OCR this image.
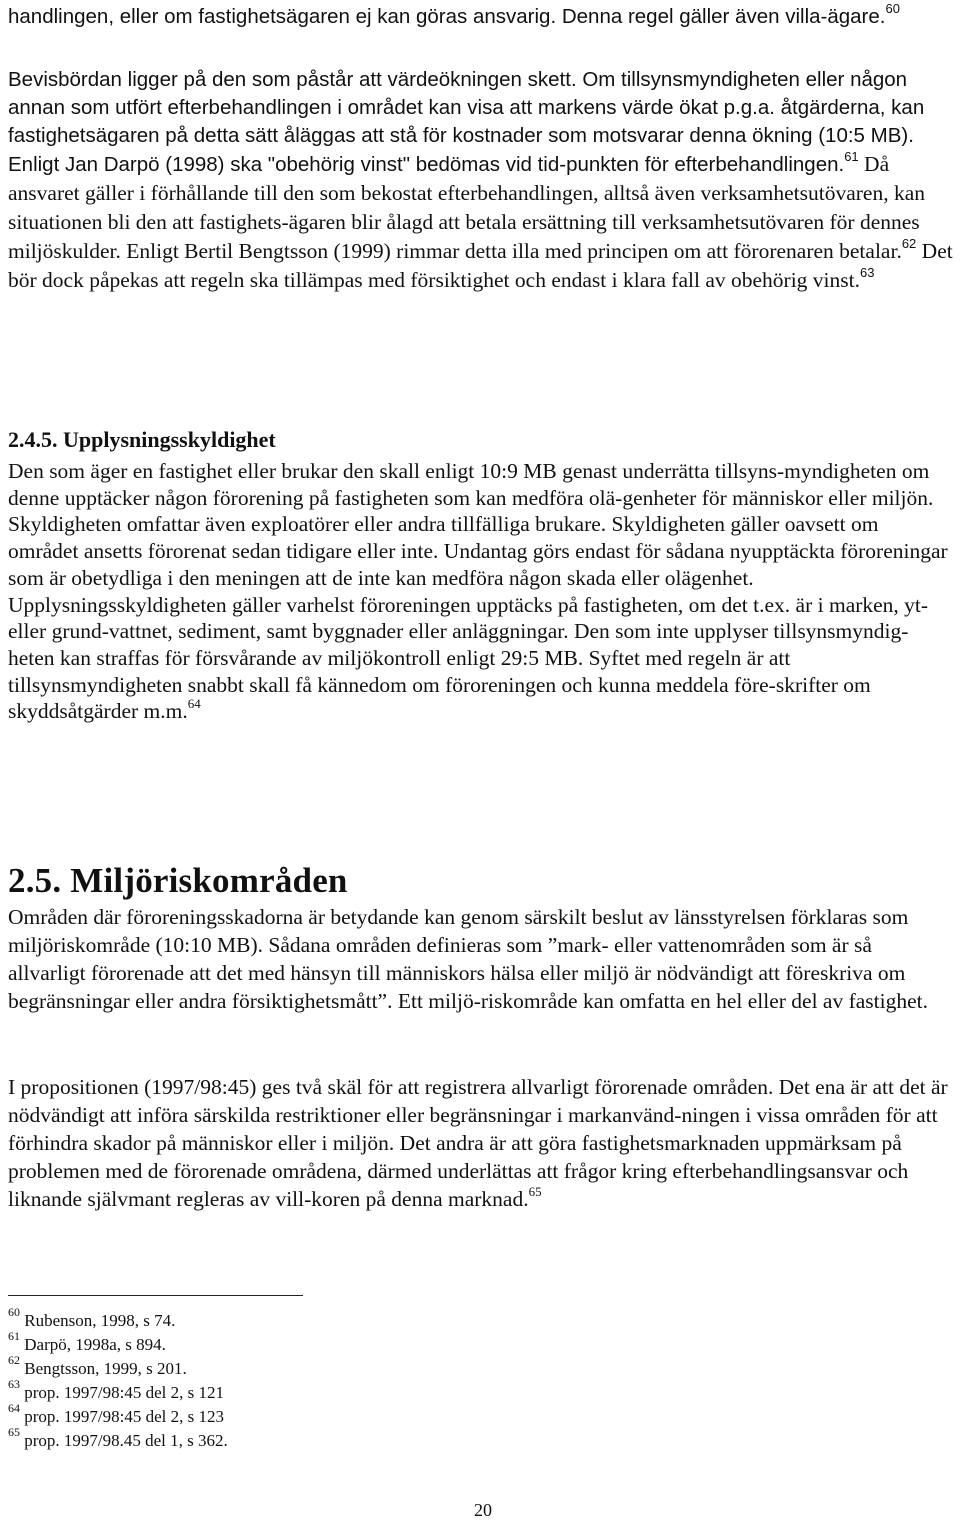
handlingen, eller om fastighetsägaren ej kan göras ansvarig. Denna regel gäller även villa-ägare.$^{60}$

Bevisbördan ligger på den som påstår att värdeökningen skett. Om tillsynsmyndigheten eller någon annan som utfört efterbehandlingen i området kan visa att markens värde ökat p.g.a. åtgärderna, kan fastighetsägaren på detta sätt åläggas att stå för kostnader som motsvarar denna ökning (10:5 MB). Enligt Jan Darpö (1998) ska "obehörig vinst" bedömas vid tid-punkten för efterbehandlingen.$^{61}$ Då ansvaret gäller i förhållande till den som bekostat efterbehandlingen, alltså även verksamhetsutövaren, kan situationen bli den att fastighets-ägaren blir ålagd att betala ersättning till verksamhetsutövaren för dennes miljöskulder. Enligt Bertil Bengtsson (1999) rimmar detta illa med principen om att förorenaren betalar.$^{62}$ Det bör dock påpekas att regeln ska tillämpas med försiktighet och endast i klara fall av obehörig vinst.$^{63}$

2.4.5. Upplysningsskyldighet

Den som äger en fastighet eller brukar den skall enligt 10:9 MB genast underrätta tillsyns-myndigheten om denne upptäcker någon förorening på fastigheten som kan medföra olä-genheter för människor eller miljön. Skyldigheten omfattar även exploatörer eller andra tillfälliga brukare. Skyldigheten gäller oavsett om området ansetts förorenat sedan tidigare eller inte. Undantag görs endast för sådana nyupptäckta föroreningar som är obetydliga i den meningen att de inte kan medföra någon skada eller olägenhet. Upplysningsskyldigheten gäller varhelst föroreningen upptäcks på fastigheten, om det t.ex. är i marken, yt- eller grund-vattnet, sediment, samt byggnader eller anläggningar. Den som inte upplyser tillsynsmyndig-heten kan straffas för försvårande av miljökontroll enligt 29:5 MB. Syftet med regeln är att tillsynsmyndigheten snabbt skall få kännedom om föroreningen och kunna meddela före-skrifter om skyddsåtgärder m.m.$^{64}$

2.5. Miljöriskområden

Områden där föroreningsskadorna är betydande kan genom särskilt beslut av länsstyrelsen förklaras som miljöriskområde (10:10 MB). Sådana områden definieras som ”mark- eller vattenområden som är så allvarligt förorenade att det med hänsyn till människors hälsa eller miljö är nödvändigt att föreskriva om begränsningar eller andra försiktighetsmått”. Ett miljö-riskområde kan omfatta en hel eller del av fastighet.

I propositionen (1997/98:45) ges två skäl för att registrera allvarligt förorenade områden. Det ena är att det är nödvändigt att införa särskilda restriktioner eller begränsningar i markanvänd-ningen i vissa områden för att förhindra skador på människor eller i miljön. Det andra är att göra fastighetsmarknaden uppmärksam på problemen med de förorenade områdena, därmed underlättas att frågor kring efterbehandlingsansvar och liknande självmant regleras av vill-koren på denna marknad.$^{65}$

$^{60}$ Rubenson, 1998, s 74.
$^{61}$ Darpö, 1998a, s 894.
$^{62}$ Bengtsson, 1999, s 201.
$^{63}$ prop. 1997/98:45 del 2, s 121
$^{64}$ prop. 1997/98:45 del 2, s 123
$^{65}$ prop. 1997/98.45 del 1, s 362.
20
